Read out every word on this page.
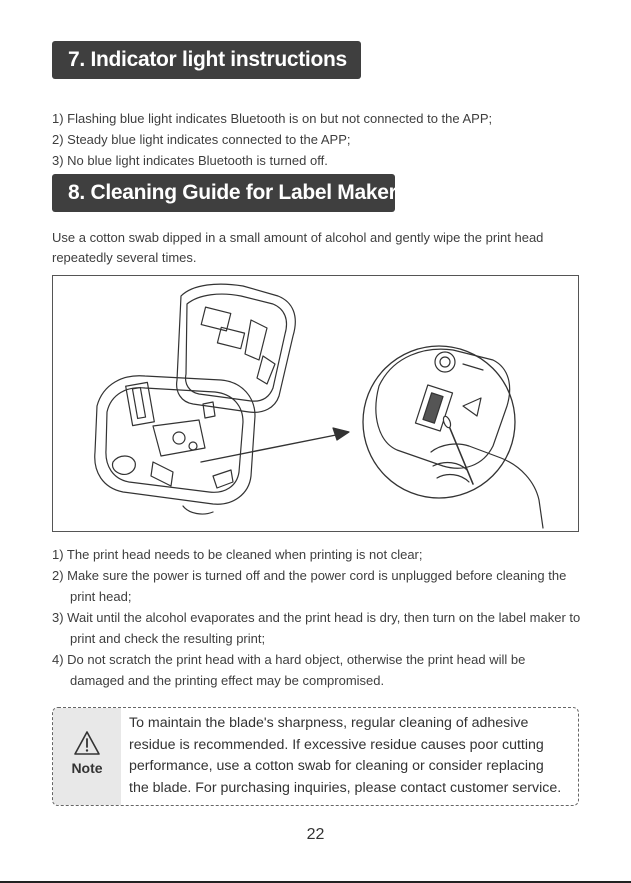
7. Indicator light instructions
1) Flashing blue light indicates Bluetooth is on but not connected to the APP;
2) Steady blue light indicates connected to the APP;
3) No blue light indicates Bluetooth is turned off.
8. Cleaning Guide for Label Maker
Use a cotton swab dipped in a small amount of alcohol and gently wipe the print head repeatedly several times.
1) The print head needs to be cleaned when printing is not clear;
2) Make sure the power is turned off and the power cord is unplugged before cleaning the print head;
3) Wait until the alcohol evaporates and the print head is dry, then turn on the label maker to print and check the resulting print;
4) Do not scratch the print head with a hard object, otherwise the print head will be damaged and the printing effect may be compromised.
Note
To maintain the blade's sharpness, regular cleaning of adhesive
residue is recommended. If excessive residue causes poor cutting
performance, use a cotton swab for cleaning or consider replacing
the blade. For purchasing inquiries, please contact customer service.
22
